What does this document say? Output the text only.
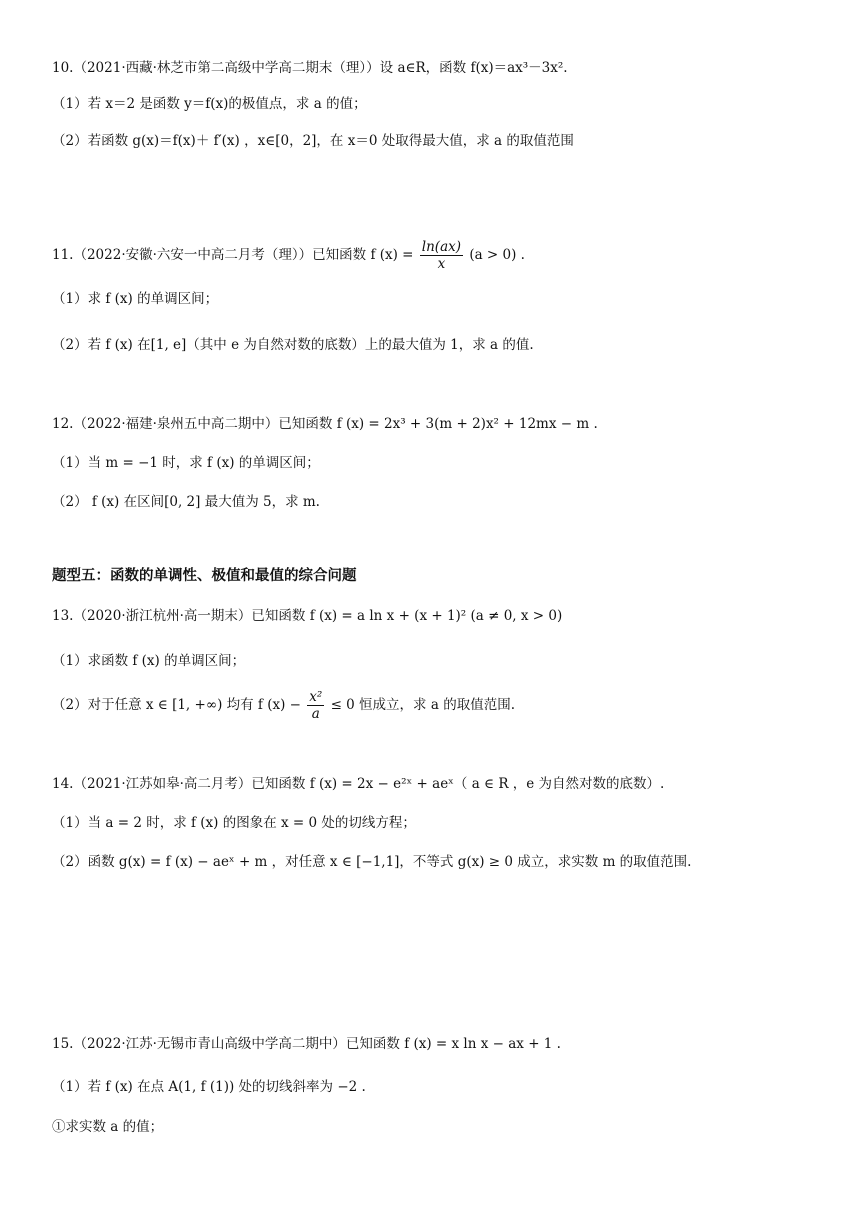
10.（2021·西藏·林芝市第二高级中学高二期末（理））设 a∈R，函数 f(x)＝ax³－3x².
（1）若 x＝2 是函数 y＝f(x)的极值点，求 a 的值；
（2）若函数 g(x)＝f(x)＋ f′(x) ，x∈[0，2]，在 x＝0 处取得最大值，求 a 的取值范围
11.（2022·安徽·六安一中高二月考（理））已知函数 f $(x) = \frac{\ln(ax)}{x} (a > 0)$ .
（1）求 f (x) 的单调区间；
（2）若 f (x) 在[1, e]（其中 e 为自然对数的底数）上的最大值为 1，求 a 的值.
12.（2022·福建·泉州五中高二期中）已知函数 f (x) = 2x³ + 3(m + 2)x² + 12mx − m .
（1）当 m = −1 时，求 f (x) 的单调区间；
（2） f (x) 在区间[0, 2] 最大值为 5，求 m.
题型五：函数的单调性、极值和最值的综合问题
13.（2020·浙江杭州·高一期末）已知函数 f (x) = a ln x + (x + 1)² (a ≠ 0, x > 0)
（1）求函数 f (x) 的单调区间；
（2）对于任意 x ∈ [1, +∞) 均有 f $(x) - \frac{\text{x²}}{a} \le 0$ 恒成立，求 a 的取值范围.
14.（2021·江苏如皋·高二月考）已知函数 f (x) = 2x − e²ˣ + aeˣ（ a ∈ R ，e 为自然对数的底数）.
（1）当 a = 2 时，求 f (x) 的图象在 x = 0 处的切线方程；
（2）函数 g(x) = f (x) − aeˣ + m ，对任意 x ∈ [−1,1]，不等式 g(x) ≥ 0 成立，求实数 m 的取值范围.
15.（2022·江苏·无锡市青山高级中学高二期中）已知函数 f (x) = x ln x − ax + 1 .
（1）若 f (x) 在点 A(1, f (1)) 处的切线斜率为 −2 .
①求实数 a 的值；
